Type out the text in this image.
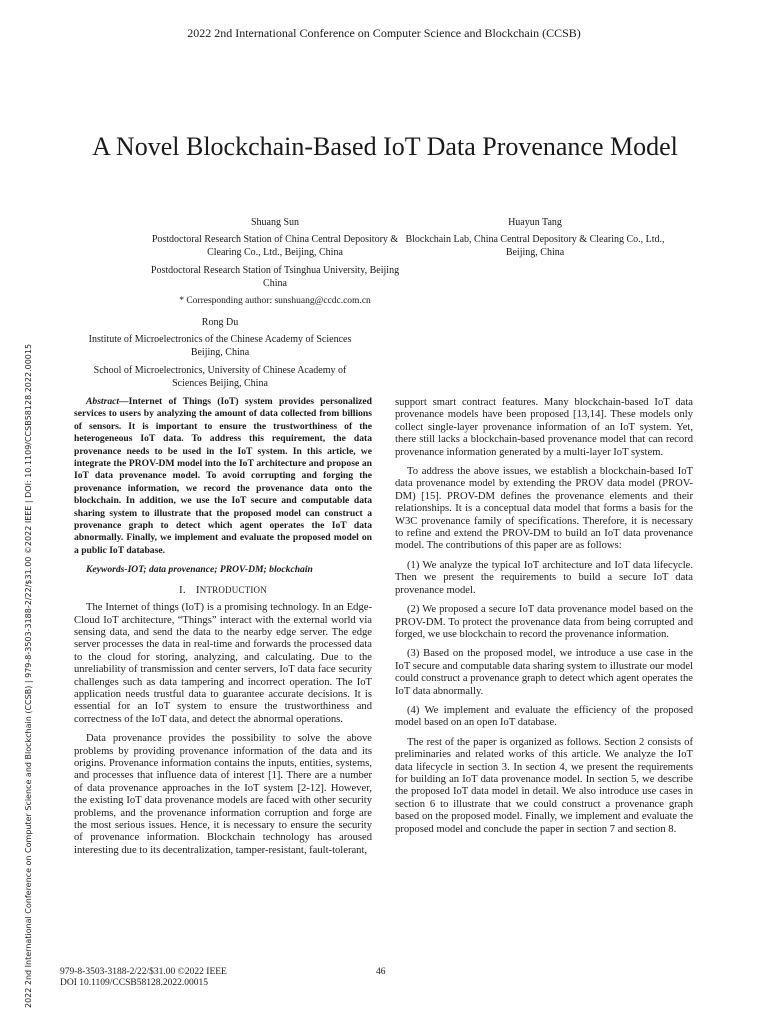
2022 2nd International Conference on Computer Science and Blockchain (CCSB)
2022 2nd International Conference on Computer Science and Blockchain (CCSB) | 979-8-3503-3188-2/22/$31.00 ©2022 IEEE | DOI: 10.1109/CCSB58128.2022.00015
A Novel Blockchain-Based IoT Data Provenance Model

Shuang Sun

Postdoctoral Research Station of China Central Depository & Clearing Co., Ltd., Beijing, China

Postdoctoral Research Station of Tsinghua University, Beijing China

* Corresponding author: sunshuang@ccdc.com.cn

Huayun Tang

Blockchain Lab, China Central Depository & Clearing Co., Ltd., Beijing, China

Rong Du

Institute of Microelectronics of the Chinese Academy of Sciences Beijing, China

School of Microelectronics, University of Chinese Academy of Sciences Beijing, China

Abstract—Internet of Things (IoT) system provides personalized services to users by analyzing the amount of data collected from billions of sensors. It is important to ensure the trustworthiness of the heterogeneous IoT data. To address this requirement, the data provenance needs to be used in the IoT system. In this article, we integrate the PROV-DM model into the IoT architecture and propose an IoT data provenance model. To avoid corrupting and forging the provenance information, we record the provenance data onto the blockchain. In addition, we use the IoT secure and computable data sharing system to illustrate that the proposed model can construct a provenance graph to detect which agent operates the IoT data abnormally. Finally, we implement and evaluate the proposed model on a public IoT database.

Keywords-IOT; data provenance; PROV-DM; blockchain

I. INTRODUCTION

The Internet of things (IoT) is a promising technology. In an Edge-Cloud IoT architecture, “Things” interact with the external world via sensing data, and send the data to the nearby edge server. The edge server processes the data in real-time and forwards the processed data to the cloud for storing, analyzing, and calculating. Due to the unreliability of transmission and center servers, IoT data face security challenges such as data tampering and incorrect operation. The IoT application needs trustful data to guarantee accurate decisions. It is essential for an IoT system to ensure the trustworthiness and correctness of the IoT data, and detect the abnormal operations.

Data provenance provides the possibility to solve the above problems by providing provenance information of the data and its origins. Provenance information contains the inputs, entities, systems, and processes that influence data of interest [1]. There are a number of data provenance approaches in the IoT system [2-12]. However, the existing IoT data provenance models are faced with other security problems, and the provenance information corruption and forge are the most serious issues. Hence, it is necessary to ensure the security of provenance information. Blockchain technology has aroused interesting due to its decentralization, tamper-resistant, fault-tolerant,

support smart contract features. Many blockchain-based IoT data provenance models have been proposed [13,14]. These models only collect single-layer provenance information of an IoT system. Yet, there still lacks a blockchain-based provenance model that can record provenance information generated by a multi-layer IoT system.

To address the above issues, we establish a blockchain-based IoT data provenance model by extending the PROV data model (PROV-DM) [15]. PROV-DM defines the provenance elements and their relationships. It is a conceptual data model that forms a basis for the W3C provenance family of specifications. Therefore, it is necessary to refine and extend the PROV-DM to build an IoT data provenance model. The contributions of this paper are as follows:

(1) We analyze the typical IoT architecture and IoT data lifecycle. Then we present the requirements to build a secure IoT data provenance model.

(2) We proposed a secure IoT data provenance model based on the PROV-DM. To protect the provenance data from being corrupted and forged, we use blockchain to record the provenance information.

(3) Based on the proposed model, we introduce a use case in the IoT secure and computable data sharing system to illustrate our model could construct a provenance graph to detect which agent operates the IoT data abnormally.

(4) We implement and evaluate the efficiency of the proposed model based on an open IoT database.

The rest of the paper is organized as follows. Section 2 consists of preliminaries and related works of this article. We analyze the IoT data lifecycle in section 3. In section 4, we present the requirements for building an IoT data provenance model. In section 5, we describe the proposed IoT data model in detail. We also introduce use cases in section 6 to illustrate that we could construct a provenance graph based on the proposed model. Finally, we implement and evaluate the proposed model and conclude the paper in section 7 and section 8.

979-8-3503-3188-2/22/$31.00 ©2022 IEEE
DOI 10.1109/CCSB58128.2022.00015
46
